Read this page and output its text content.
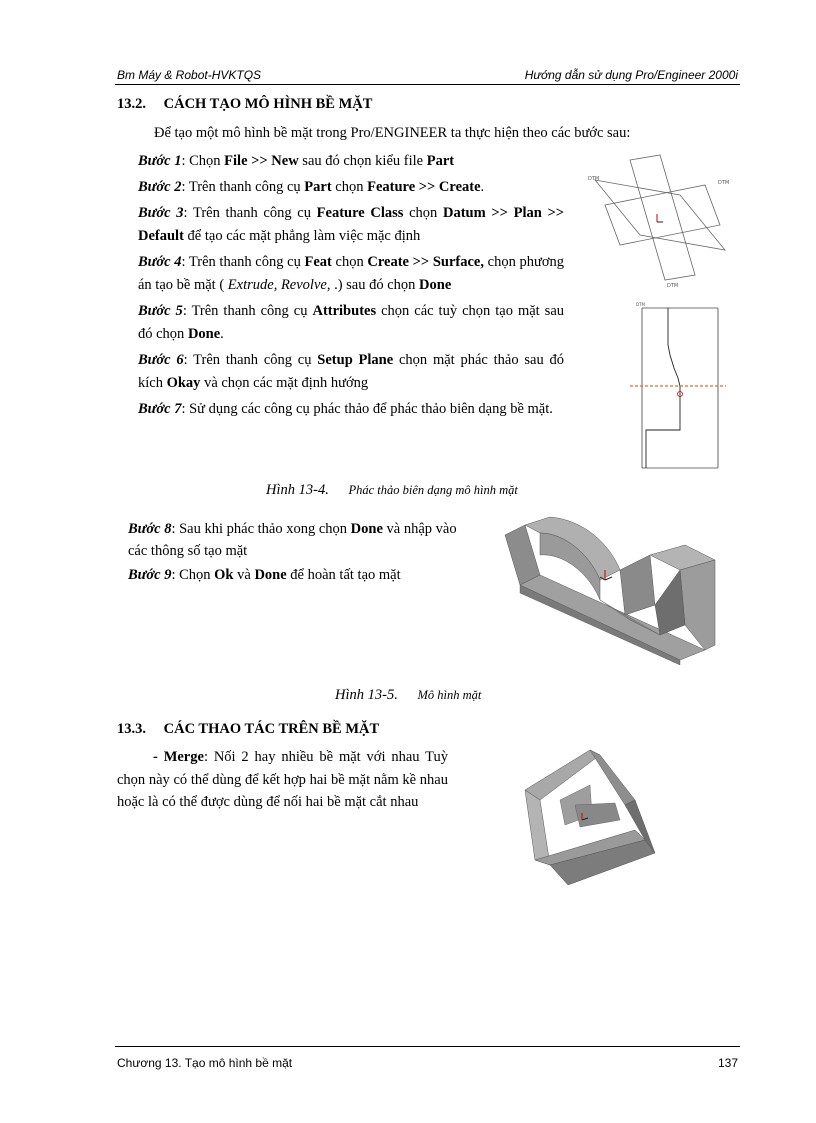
Bm Máy & Robot-HVKTQS	Hướng dẫn sử dụng Pro/Engineer 2000i
13.2. CÁCH TẠO MÔ HÌNH BỀ MẶT
Để tạo một mô hình bề mặt trong Pro/ENGINEER ta thực hiện theo các bước sau:

Bước 1: Chọn File >> New sau đó chọn kiểu file Part

Bước 2: Trên thanh công cụ Part chọn Feature >> Create.

Bước 3: Trên thanh công cụ Feature Class chọn Datum >> Plan >> Default để tạo các mặt phẳng làm việc mặc định

Bước 4: Trên thanh công cụ Feat chọn Create >> Surface, chọn phương án tạo bề mặt ( Extrude, Revolve, .) sau đó chọn Done

Bước 5: Trên thanh công cụ Attributes chọn các tuỳ chọn tạo mặt sau đó chọn Done.

Bước 6: Trên thanh công cụ Setup Plane chọn mặt phác thảo sau đó kích Okay và chọn các mặt định hướng

Bước 7: Sử dụng các công cụ phác thảo để phác thảo biên dạng bề mặt.

DTM
DTM
DTM
DTM
Hình 13-4. Phác thảo biên dạng mô hình mặt

Bước 8: Sau khi phác thảo xong chọn Done và nhập vào các thông số tạo mặt

Bước 9: Chọn Ok và Done để hoàn tất tạo mặt

Hình 13-5. Mô hình mặt
13.3. CÁC THAO TÁC TRÊN BỀ MẶT
- Merge: Nối 2 hay nhiều bề mặt với nhau Tuỳ chọn này có thể dùng để kết hợp hai bề mặt nằm kề nhau hoặc là có thể được dùng để nối hai bề mặt cắt nhau
Chương 13. Tạo mô hình bề mặt	137
